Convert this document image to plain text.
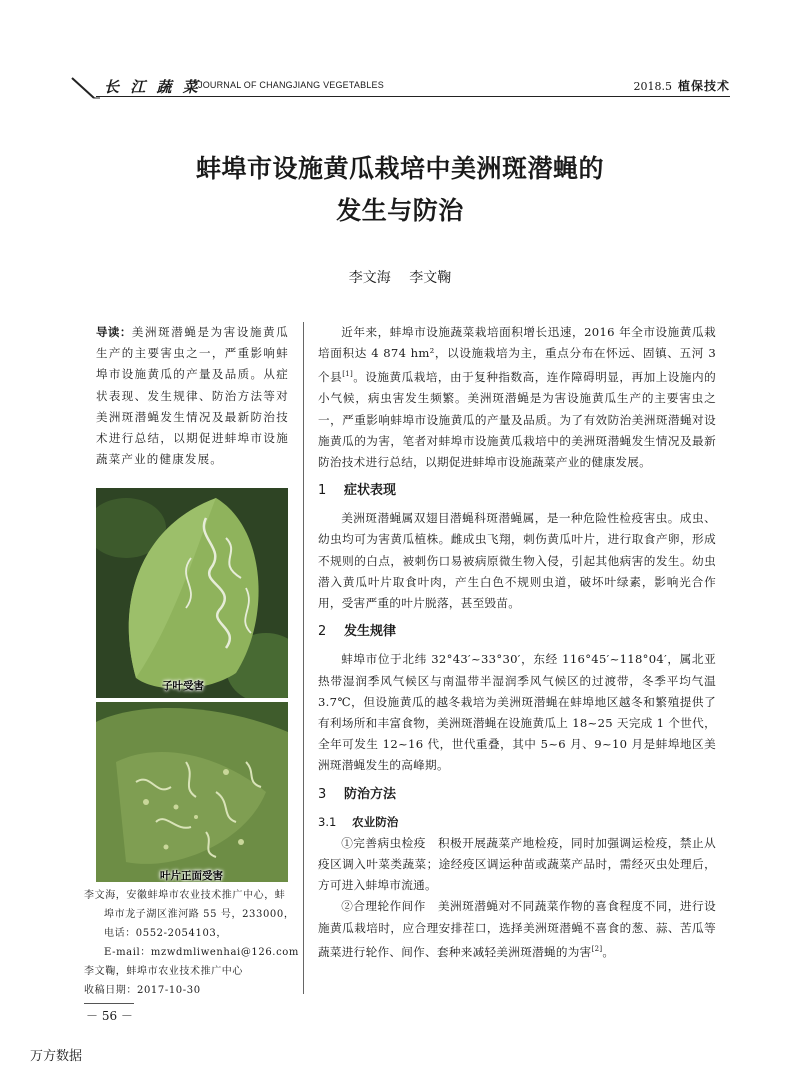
长 江 蔬 菜
JOURNAL OF CHANGJIANG VEGETABLES	2018.5 植保技术
蚌埠市设施黄瓜栽培中美洲斑潜蝇的
发生与防治
李文海 李文鞠
导读：美洲斑潜蝇是为害设施黄瓜生产的主要害虫之一，严重影响蚌埠市设施黄瓜的产量及品质。从症状表现、发生规律、防治方法等对美洲斑潜蝇发生情况及最新防治技术进行总结，以期促进蚌埠市设施蔬菜产业的健康发展。
子叶受害
叶片正面受害
李文海，安徽蚌埠市农业技术推广中心，蚌
埠市龙子湖区淮河路 55 号，233000，
电话：0552-2054103，
E-mail：mzwdmliwenhai@126.com
李文鞠，蚌埠市农业技术推广中心
收稿日期：2017-10-30
－ 56 －
万方数据

近年来，蚌埠市设施蔬菜栽培面积增长迅速，2016 年全市设施黄瓜栽培面积达 4 874 hm²，以设施栽培为主，重点分布在怀远、固镇、五河 3 个县[1]。设施黄瓜栽培，由于复种指数高，连作障碍明显，再加上设施内的小气候，病虫害发生频繁。美洲斑潜蝇是为害设施黄瓜生产的主要害虫之一，严重影响蚌埠市设施黄瓜的产量及品质。为了有效防治美洲斑潜蝇对设施黄瓜的为害，笔者对蚌埠市设施黄瓜栽培中的美洲斑潜蝇发生情况及最新防治技术进行总结，以期促进蚌埠市设施蔬菜产业的健康发展。

1 症状表现

美洲斑潜蝇属双翅目潜蝇科斑潜蝇属，是一种危险性检疫害虫。成虫、幼虫均可为害黄瓜植株。雌成虫飞翔，刺伤黄瓜叶片，进行取食产卵，形成不规则的白点，被刺伤口易被病原微生物入侵，引起其他病害的发生。幼虫潜入黄瓜叶片取食叶肉，产生白色不规则虫道，破坏叶绿素，影响光合作用，受害严重的叶片脱落，甚至毁苗。

2 发生规律

蚌埠市位于北纬 32°43′~33°30′，东经 116°45′~118°04′，属北亚热带湿润季风气候区与南温带半湿润季风气候区的过渡带，冬季平均气温 3.7℃，但设施黄瓜的越冬栽培为美洲斑潜蝇在蚌埠地区越冬和繁殖提供了有利场所和丰富食物，美洲斑潜蝇在设施黄瓜上 18~25 天完成 1 个世代，全年可发生 12~16 代，世代重叠，其中 5~6 月、9~10 月是蚌埠地区美洲斑潜蝇发生的高峰期。

3 防治方法
3.1 农业防治

①完善病虫检疫　积极开展蔬菜产地检疫，同时加强调运检疫，禁止从疫区调入叶菜类蔬菜；途经疫区调运种苗或蔬菜产品时，需经灭虫处理后，方可进入蚌埠市流通。

②合理轮作间作　美洲斑潜蝇对不同蔬菜作物的喜食程度不同，进行设施黄瓜栽培时，应合理安排茬口，选择美洲斑潜蝇不喜食的葱、蒜、苦瓜等蔬菜进行轮作、间作、套种来减轻美洲斑潜蝇的为害[2]。
